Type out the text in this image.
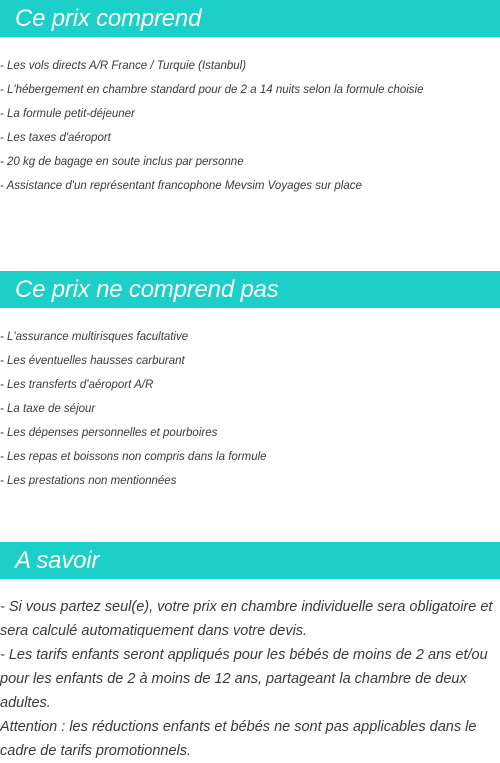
Ce prix comprend
- Les vols directs A/R France / Turquie (Istanbul)
- L'hébergement en chambre standard pour de 2 a 14 nuits selon la formule choisie
- La formule petit-déjeuner
- Les taxes d'aéroport
- 20 kg de bagage en soute inclus par personne
- Assistance d'un représentant francophone Mevsim Voyages sur place
Ce prix ne comprend pas
- L'assurance multirisques facultative
- Les éventuelles hausses carburant
- Les transferts d'aéroport A/R
- La taxe de séjour
- Les dépenses personnelles et pourboires
- Les repas et boissons non compris dans la formule
- Les prestations non mentionnées
A savoir

- Si vous partez seul(e), votre prix en chambre individuelle sera obligatoire et sera calculé automatiquement dans votre devis.

- Les tarifs enfants seront appliqués pour les bébés de moins de 2 ans et/ou pour les enfants de 2 à moins de 12 ans, partageant la chambre de deux adultes.

Attention : les réductions enfants et bébés ne sont pas applicables dans le cadre de tarifs promotionnels.
